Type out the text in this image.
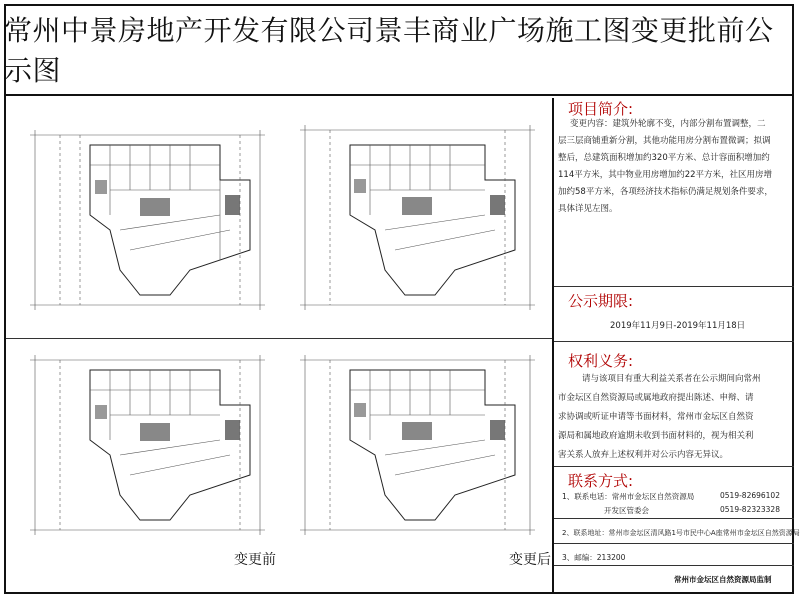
常州中景房地产开发有限公司景丰商业广场施工图变更批前公示图
变更前	变更后
项目简介:
变更内容：建筑外轮廓不变，内部分割布置调整，二
层三层商铺重新分割，其他功能用房分割布置微调；拟调
整后，总建筑面积增加约320平方米、总计容面积增加约
114平方米，其中物业用房增加约22平方米，社区用房增
加约58平方米，各项经济技术指标仍满足规划条件要求，
具体详见左图。
公示期限:
2019年11月9日-2019年11月18日
权利义务:
请与该项目有重大利益关系者在公示期间向常州
市金坛区自然资源局或属地政府提出陈述、申辩、请
求协调或听证申请等书面材料，常州市金坛区自然资
源局和属地政府逾期未收到书面材料的，视为相关利
害关系人放弃上述权利并对公示内容无异议。
联系方式:
1、联系电话：常州市金坛区自然资源局	0519-82696102
开发区管委会	0519-82323328
2、联系地址：常州市金坛区清风路1号市民中心A座常州市金坛区自然资源局
3、邮编：213200
常州市金坛区自然资源局监制
